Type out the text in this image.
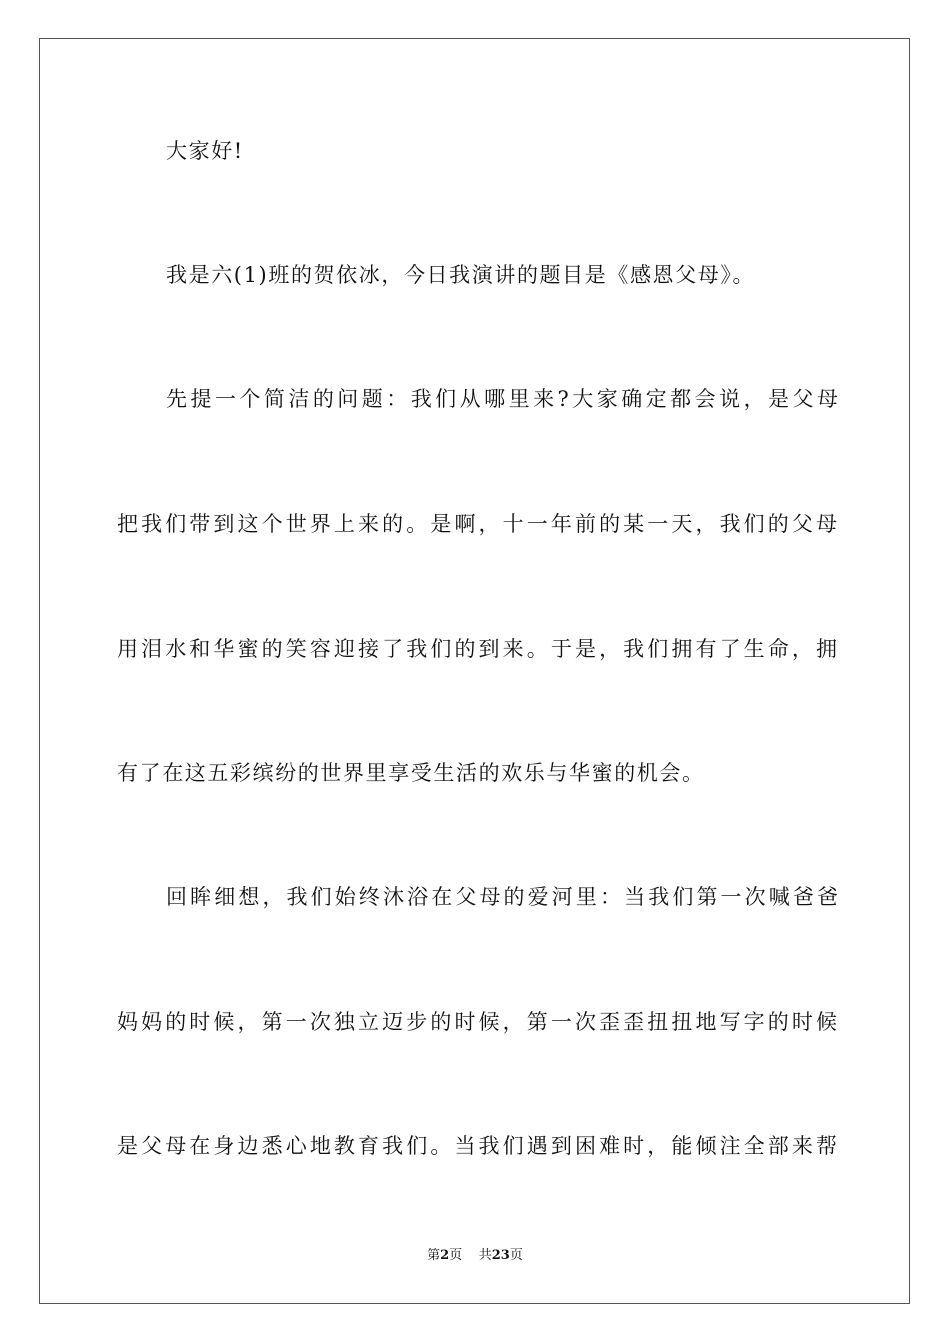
大家好!
我是六(1)班的贺依冰，今日我演讲的题目是《感恩父母》。
先提一个简洁的问题：我们从哪里来?大家确定都会说，是父母
把我们带到这个世界上来的。是啊，十一年前的某一天，我们的父母
用泪水和华蜜的笑容迎接了我们的到来。于是，我们拥有了生命，拥
有了在这五彩缤纷的世界里享受生活的欢乐与华蜜的机会。
回眸细想，我们始终沐浴在父母的爱河里：当我们第一次喊爸爸
妈妈的时候，第一次独立迈步的时候，第一次歪歪扭扭地写字的时候
是父母在身边悉心地教育我们。当我们遇到困难时，能倾注全部来帮
第2页 共23页
